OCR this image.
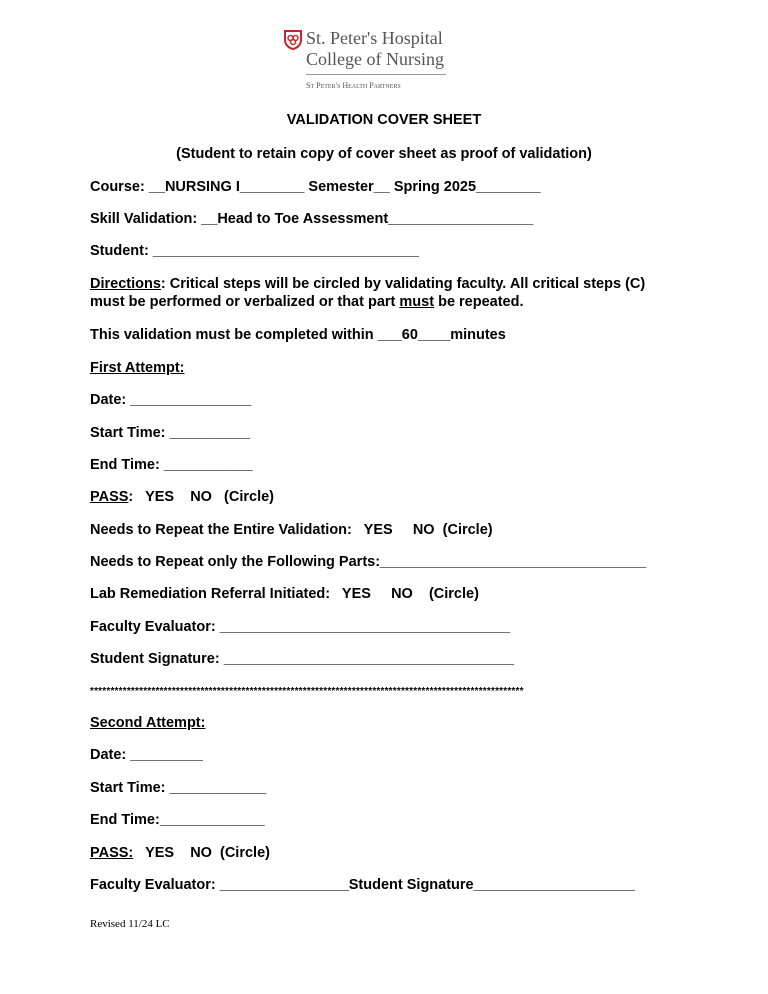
St. Peter's Hospital
College of Nursing
St Peter's Health Partners
VALIDATION COVER SHEET
(Student to retain copy of cover sheet as proof of validation)
Course: __NURSING I________ Semester__ Spring 2025________
Skill Validation: __Head to Toe Assessment__________________
Student: _________________________________
Directions: Critical steps will be circled by validating faculty. All critical steps (C)
must be performed or verbalized or that part must be repeated.
This validation must be completed within ___60____minutes
First Attempt:
Date: _______________
Start Time: __________
End Time: ___________
PASS:   YES    NO   (Circle)
Needs to Repeat the Entire Validation:   YES     NO  (Circle)
Needs to Repeat only the Following Parts:_________________________________
Lab Remediation Referral Initiated:   YES     NO    (Circle)
Faculty Evaluator: ____________________________________
Student Signature: ____________________________________
**********************************************************************************************************
Second Attempt:
Date: _________
Start Time: ____________
End Time:_____________
PASS:   YES    NO  (Circle)
Faculty Evaluator: ________________Student Signature____________________
Revised 11/24 LC
